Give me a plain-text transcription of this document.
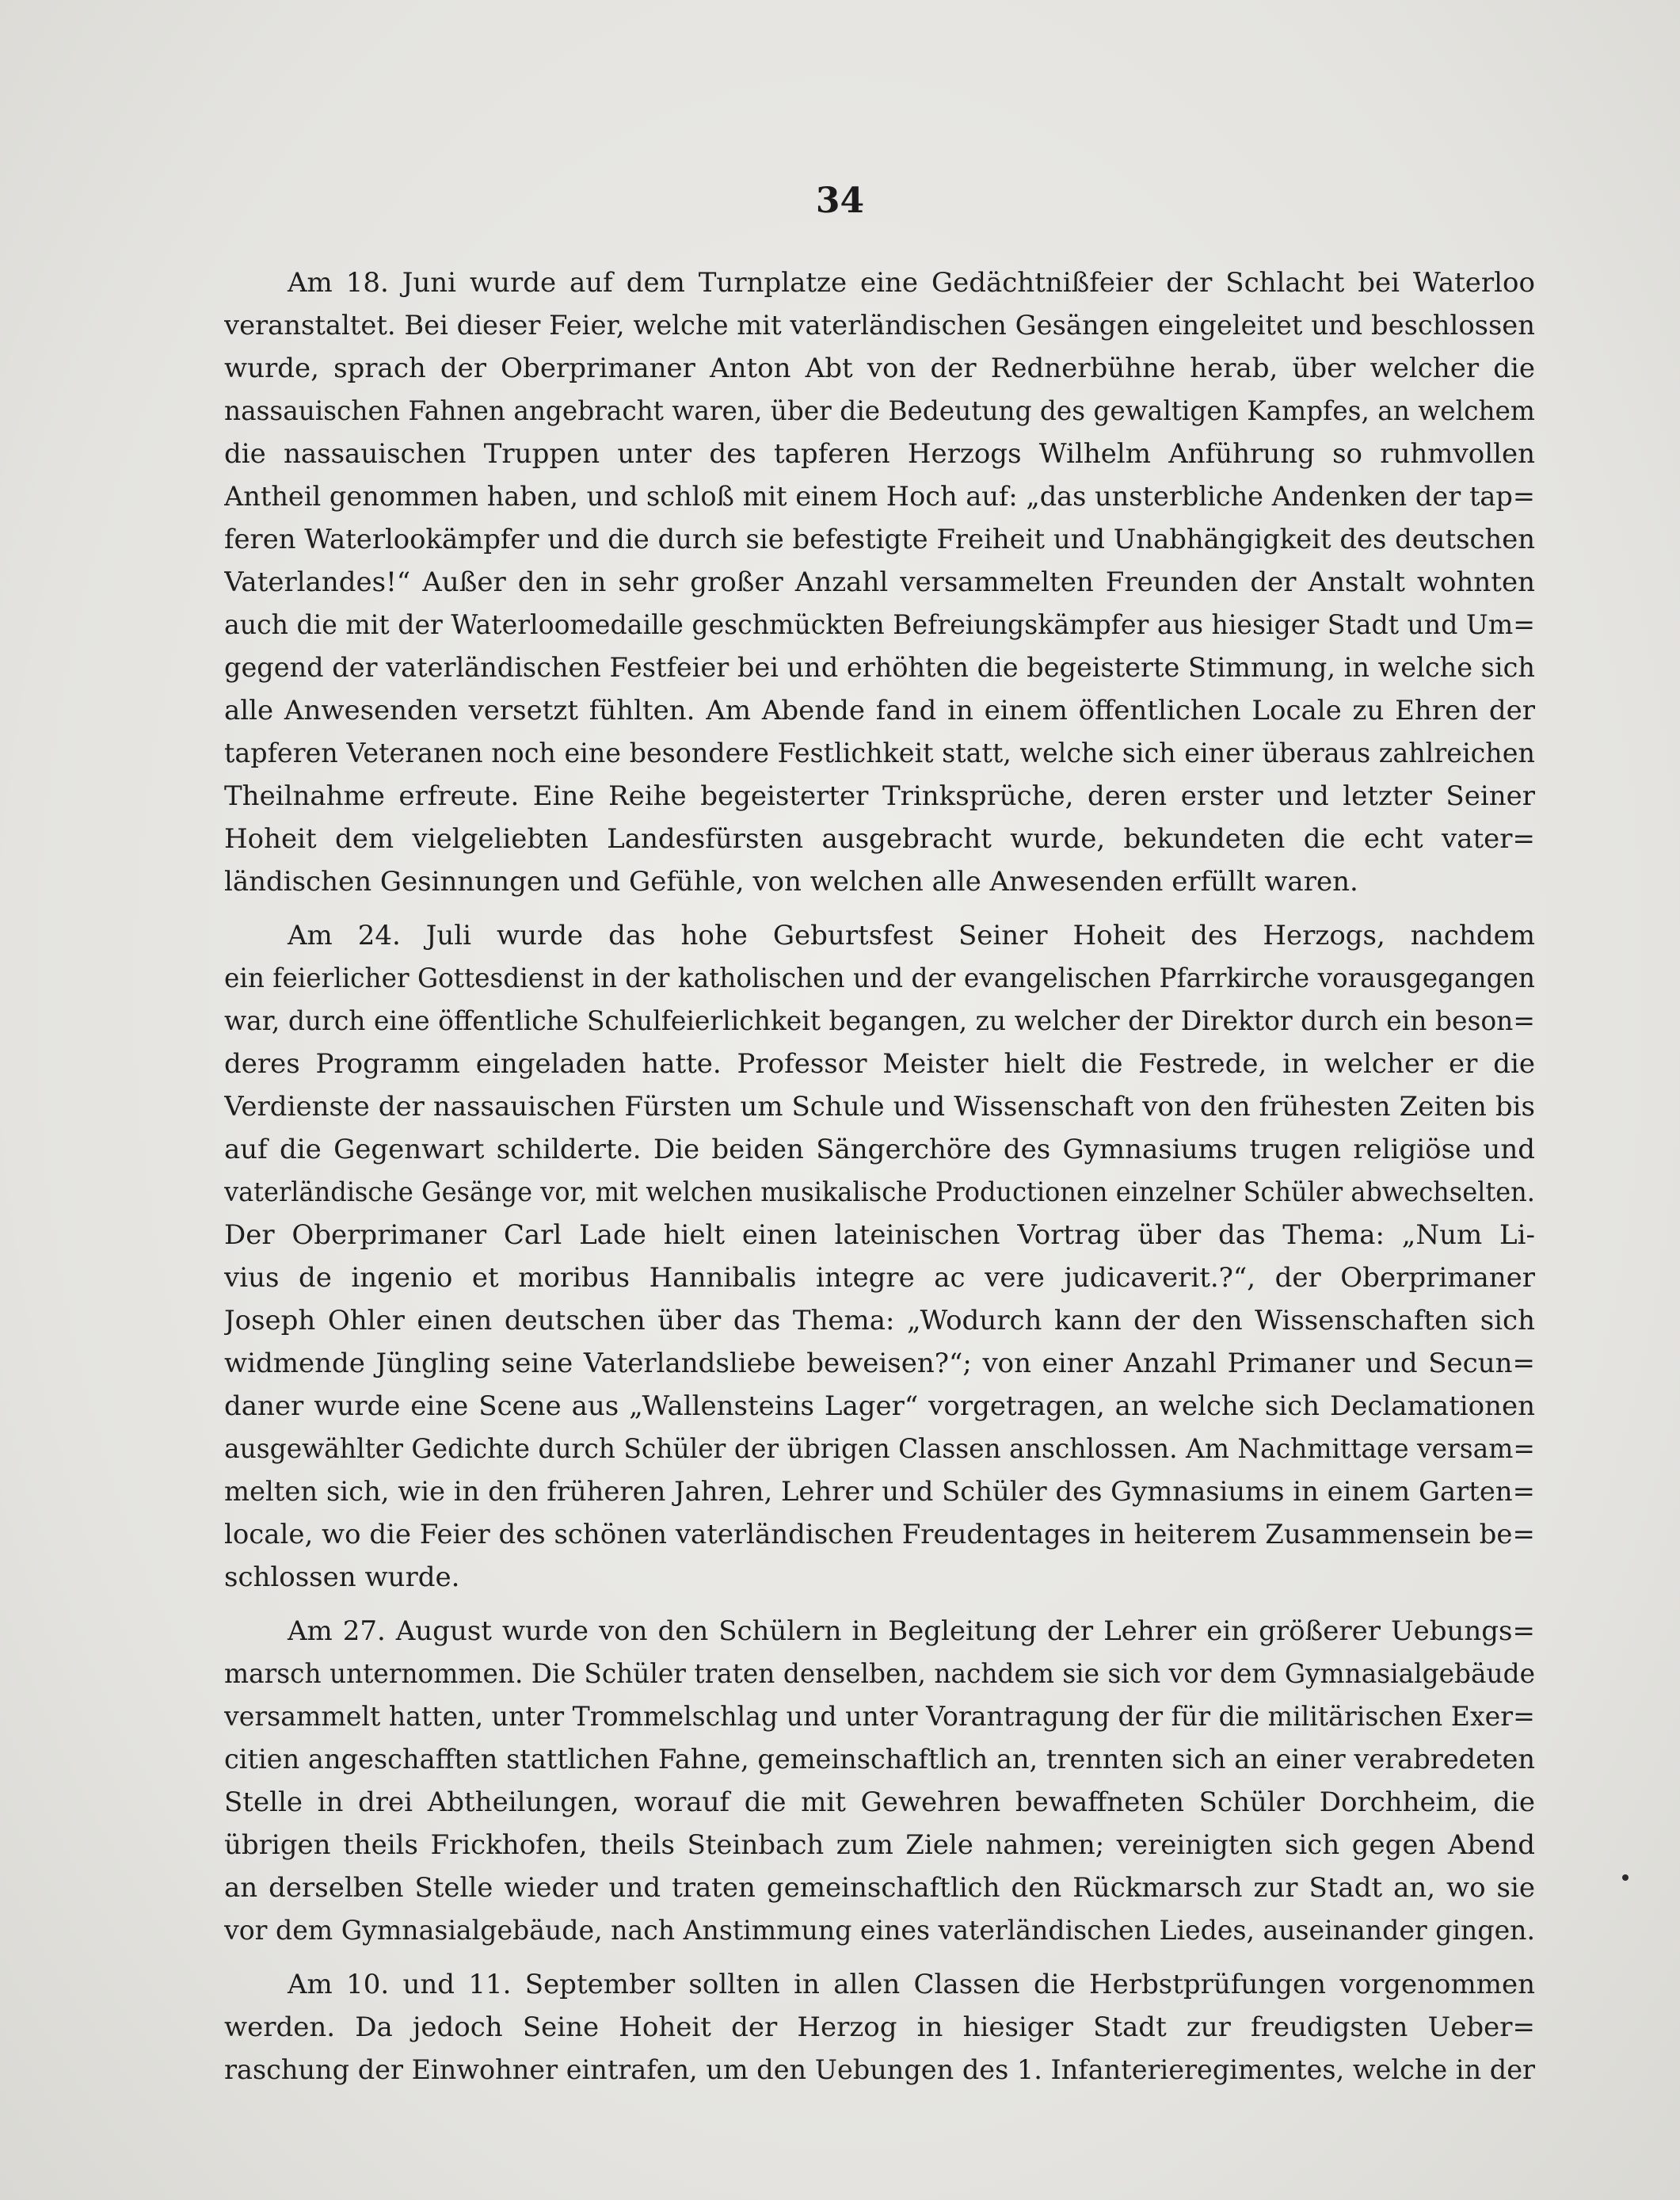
34
Am 18. Juni wurde auf dem Turnplatze eine Gedächtnißfeier der Schlacht bei Waterloo
veranstaltet. Bei dieser Feier, welche mit vaterländischen Gesängen eingeleitet und beschlossen
wurde, sprach der Oberprimaner Anton Abt von der Rednerbühne herab, über welcher die
nassauischen Fahnen angebracht waren, über die Bedeutung des gewaltigen Kampfes, an welchem
die nassauischen Truppen unter des tapferen Herzogs Wilhelm Anführung so ruhmvollen
Antheil genommen haben, und schloß mit einem Hoch auf: „das unsterbliche Andenken der tap=
feren Waterlookämpfer und die durch sie befestigte Freiheit und Unabhängigkeit des deutschen
Vaterlandes!“ Außer den in sehr großer Anzahl versammelten Freunden der Anstalt wohnten
auch die mit der Waterloomedaille geschmückten Befreiungskämpfer aus hiesiger Stadt und Um=
gegend der vaterländischen Festfeier bei und erhöhten die begeisterte Stimmung, in welche sich
alle Anwesenden versetzt fühlten. Am Abende fand in einem öffentlichen Locale zu Ehren der
tapferen Veteranen noch eine besondere Festlichkeit statt, welche sich einer überaus zahlreichen
Theilnahme erfreute. Eine Reihe begeisterter Trinksprüche, deren erster und letzter Seiner
Hoheit dem vielgeliebten Landesfürsten ausgebracht wurde, bekundeten die echt vater=
ländischen Gesinnungen und Gefühle, von welchen alle Anwesenden erfüllt waren.
Am 24. Juli wurde das hohe Geburtsfest Seiner Hoheit des Herzogs, nachdem
ein feierlicher Gottesdienst in der katholischen und der evangelischen Pfarrkirche vorausgegangen
war, durch eine öffentliche Schulfeierlichkeit begangen, zu welcher der Direktor durch ein beson=
deres Programm eingeladen hatte. Professor Meister hielt die Festrede, in welcher er die
Verdienste der nassauischen Fürsten um Schule und Wissenschaft von den frühesten Zeiten bis
auf die Gegenwart schilderte. Die beiden Sängerchöre des Gymnasiums trugen religiöse und
vaterländische Gesänge vor, mit welchen musikalische Productionen einzelner Schüler abwechselten.
Der Oberprimaner Carl Lade hielt einen lateinischen Vortrag über das Thema: „Num Li-
vius de ingenio et moribus Hannibalis integre ac vere judicaverit.?“, der Oberprimaner
Joseph Ohler einen deutschen über das Thema: „Wodurch kann der den Wissenschaften sich
widmende Jüngling seine Vaterlandsliebe beweisen?“; von einer Anzahl Primaner und Secun=
daner wurde eine Scene aus „Wallensteins Lager“ vorgetragen, an welche sich Declamationen
ausgewählter Gedichte durch Schüler der übrigen Classen anschlossen. Am Nachmittage versam=
melten sich, wie in den früheren Jahren, Lehrer und Schüler des Gymnasiums in einem Garten=
locale, wo die Feier des schönen vaterländischen Freudentages in heiterem Zusammensein be=
schlossen wurde.
Am 27. August wurde von den Schülern in Begleitung der Lehrer ein größerer Uebungs=
marsch unternommen. Die Schüler traten denselben, nachdem sie sich vor dem Gymnasialgebäude
versammelt hatten, unter Trommelschlag und unter Vorantragung der für die militärischen Exer=
citien angeschafften stattlichen Fahne, gemeinschaftlich an, trennten sich an einer verabredeten
Stelle in drei Abtheilungen, worauf die mit Gewehren bewaffneten Schüler Dorchheim, die
übrigen theils Frickhofen, theils Steinbach zum Ziele nahmen; vereinigten sich gegen Abend
an derselben Stelle wieder und traten gemeinschaftlich den Rückmarsch zur Stadt an, wo sie
vor dem Gymnasialgebäude, nach Anstimmung eines vaterländischen Liedes, auseinander gingen.
Am 10. und 11. September sollten in allen Classen die Herbstprüfungen vorgenommen
werden. Da jedoch Seine Hoheit der Herzog in hiesiger Stadt zur freudigsten Ueber=
raschung der Einwohner eintrafen, um den Uebungen des 1. Infanterieregimentes, welche in der
